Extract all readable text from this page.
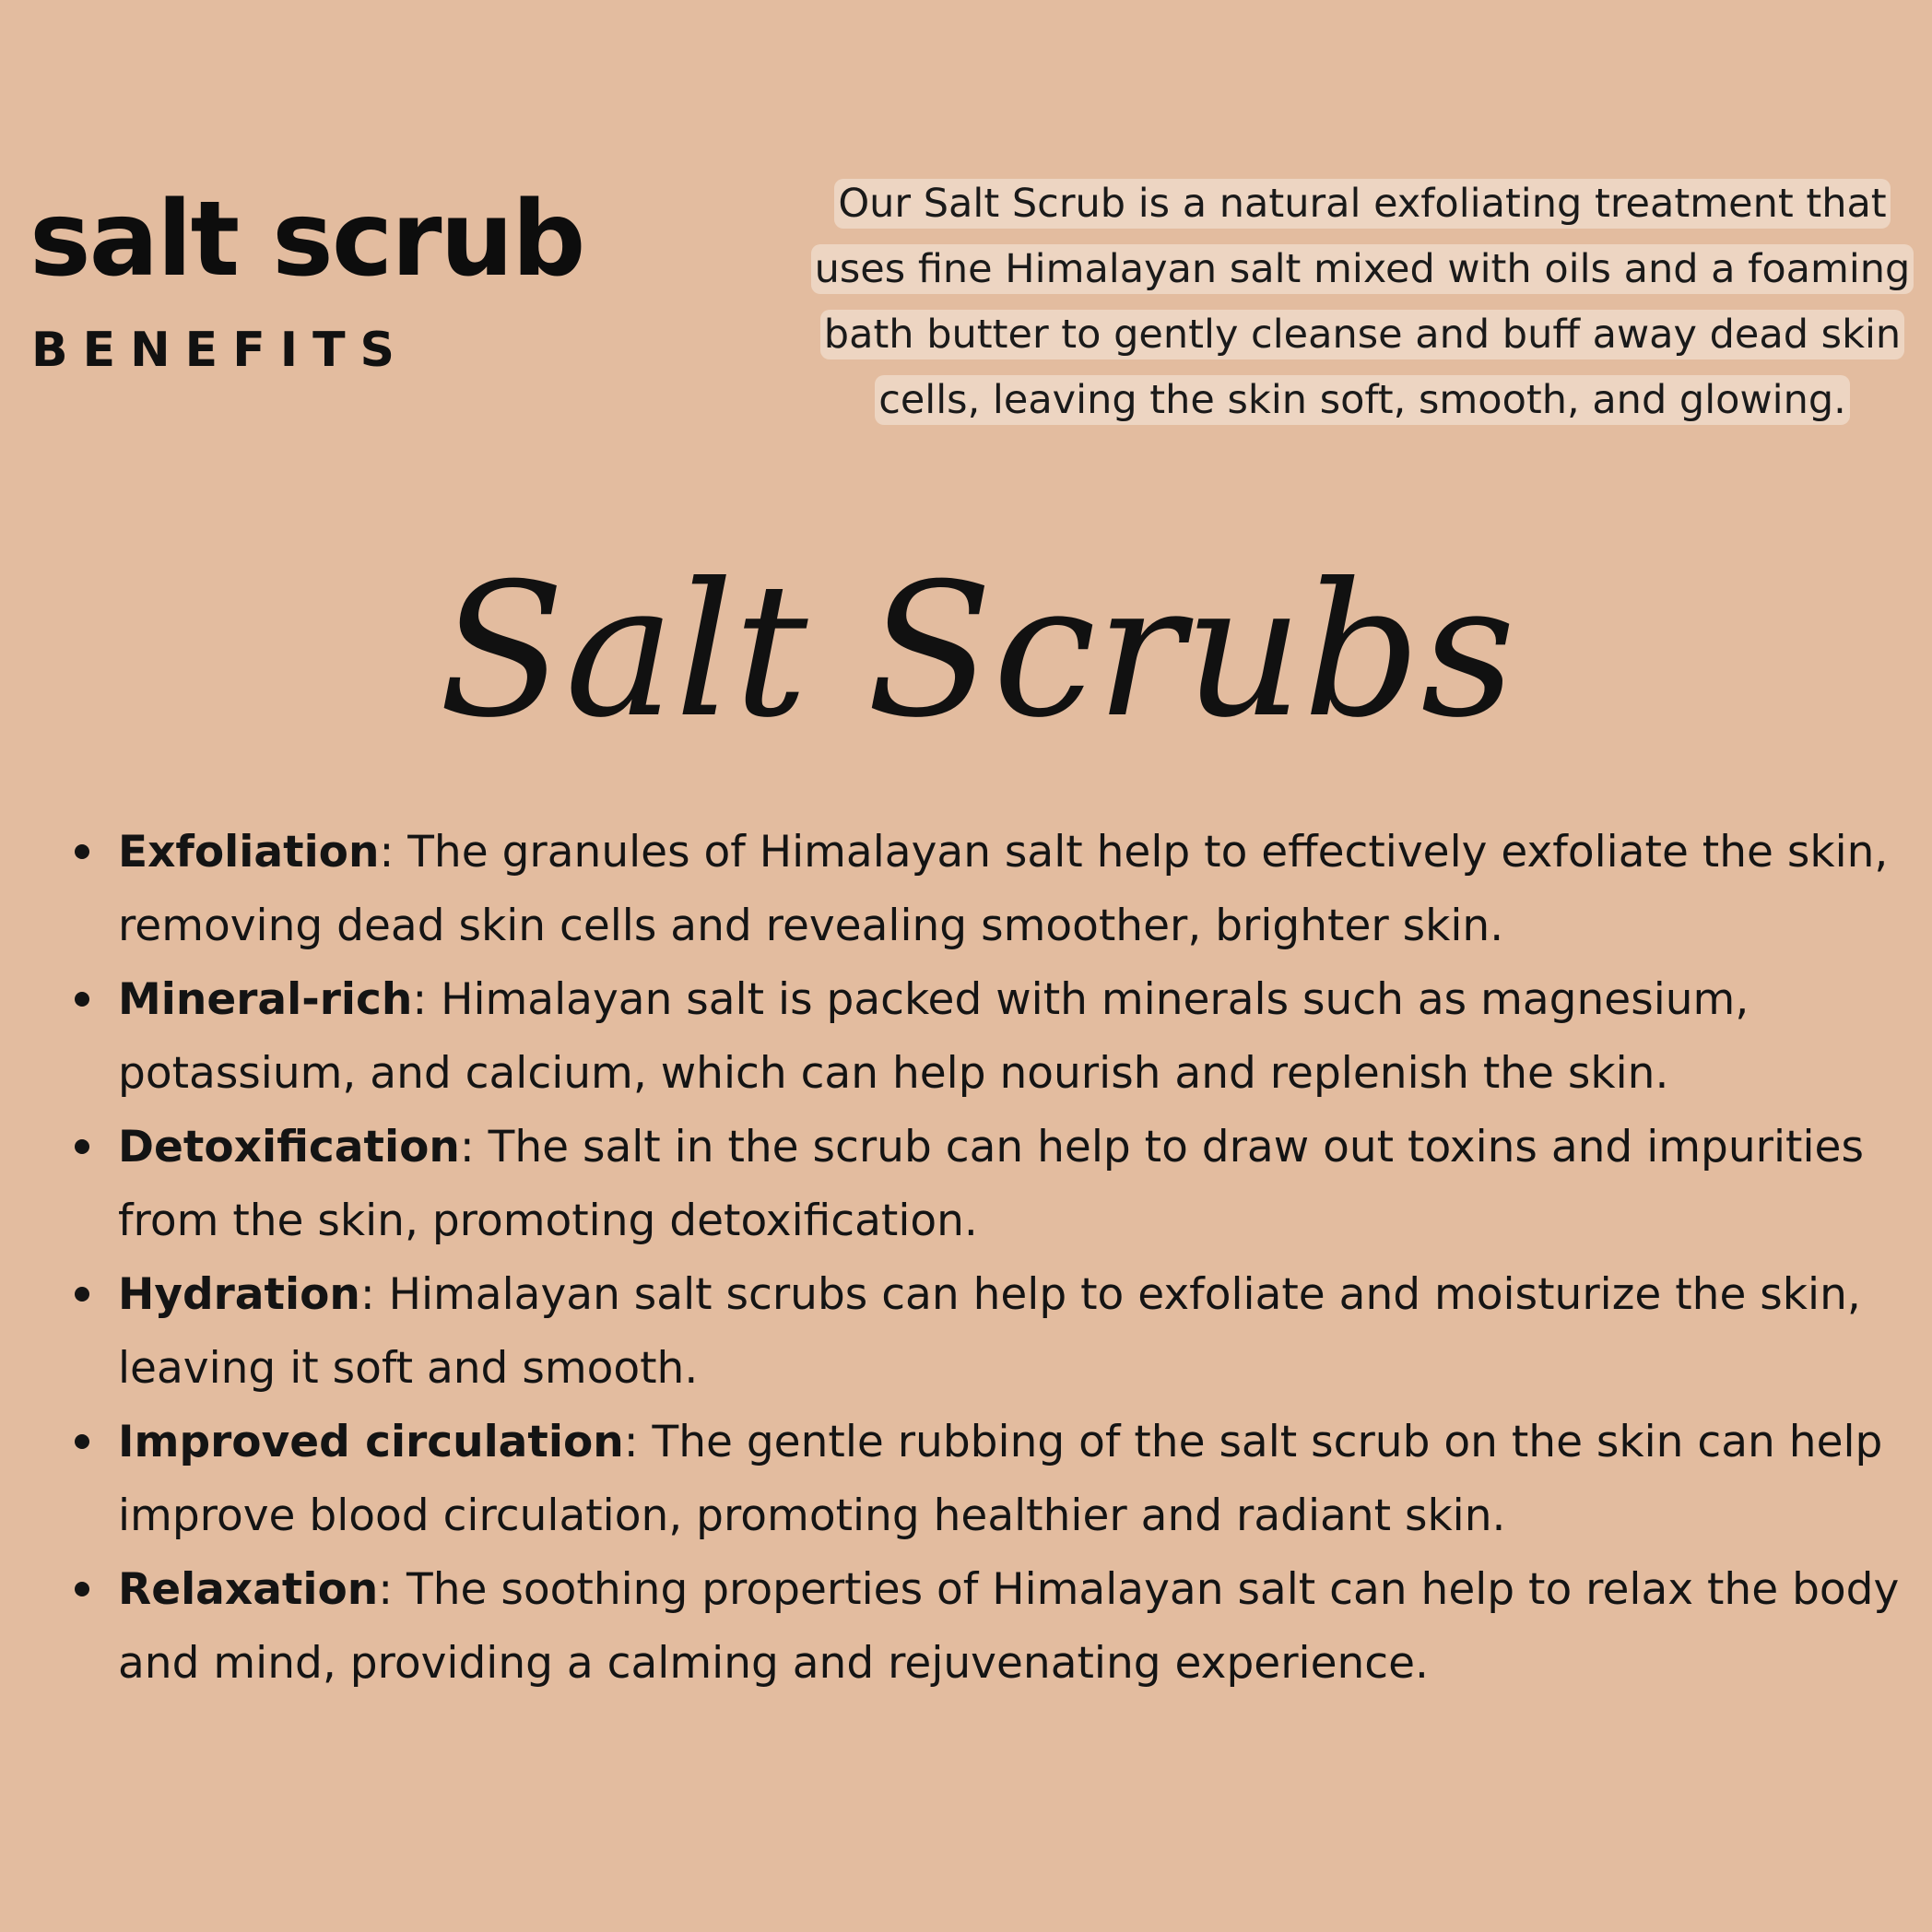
salt scrub
BENEFITS
Our Salt Scrub is a natural exfoliating treatment that uses fine Himalayan salt mixed with oils and a foaming bath butter to gently cleanse and buff away dead skin cells, leaving the skin soft, smooth, and glowing.
Salt Scrubs
Exfoliation: The granules of Himalayan salt help to effectively exfoliate the skin, removing dead skin cells and revealing smoother, brighter skin.
Mineral-rich: Himalayan salt is packed with minerals such as magnesium, potassium, and calcium, which can help nourish and replenish the skin.
Detoxification: The salt in the scrub can help to draw out toxins and impurities from the skin, promoting detoxification.
Hydration: Himalayan salt scrubs can help to exfoliate and moisturize the skin, leaving it soft and smooth.
Improved circulation: The gentle rubbing of the salt scrub on the skin can help improve blood circulation, promoting healthier and radiant skin.
Relaxation: The soothing properties of Himalayan salt can help to relax the body and mind, providing a calming and rejuvenating experience.
